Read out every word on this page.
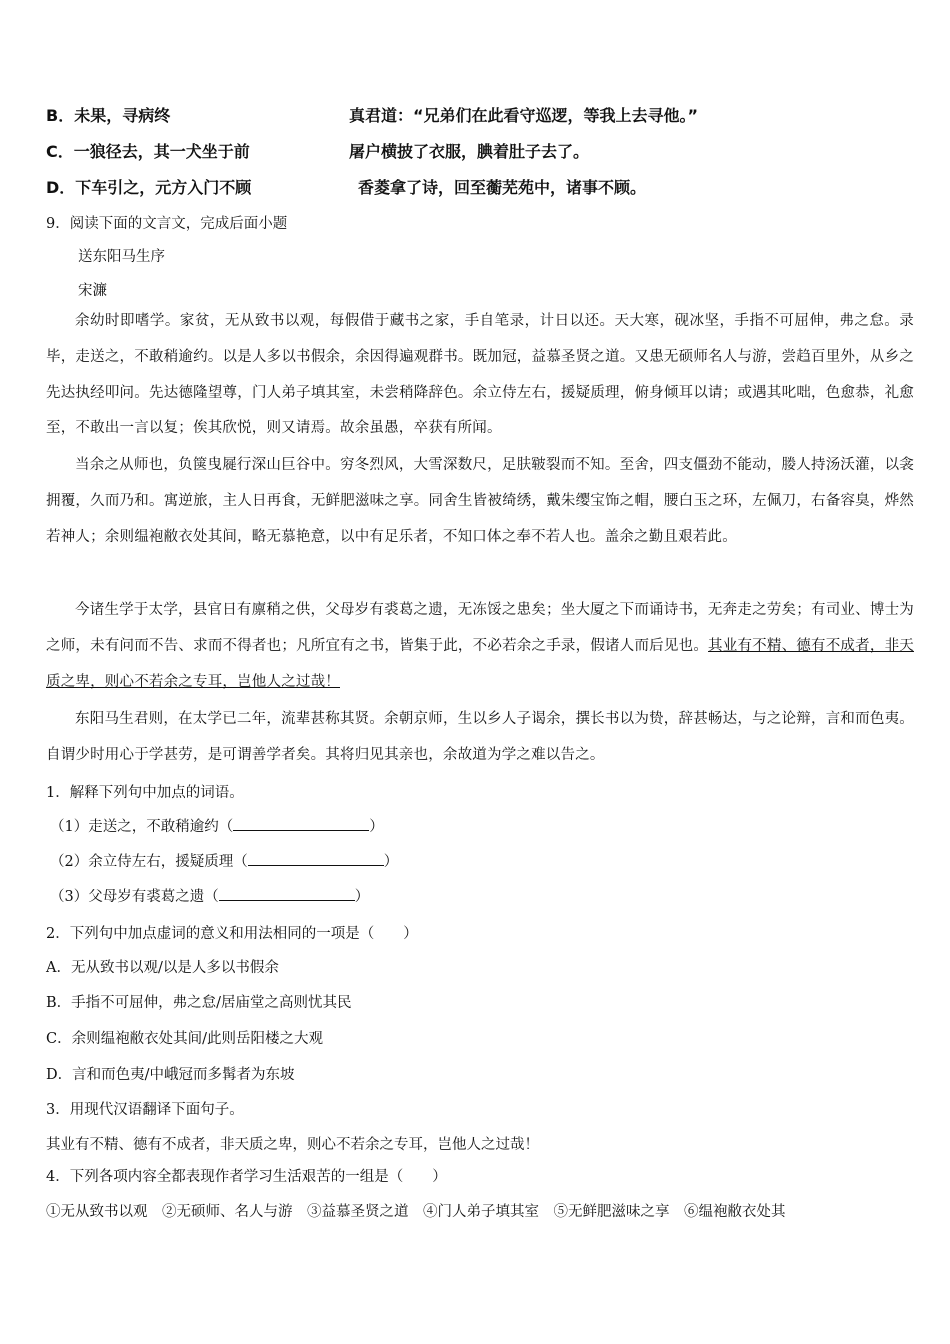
B．未果，寻病终	真君道：“兄弟们在此看守巡逻，等我上去寻他。”
C．一狼径去，其一犬坐于前	屠户横披了衣服，腆着肚子去了。
D．下车引之，元方入门不顾	香菱拿了诗，回至蘅芜苑中，诸事不顾。
9．阅读下面的文言文，完成后面小题
送东阳马生序
宋濂
余幼时即嗜学。家贫，无从致书以观，每假借于藏书之家，手自笔录，计日以还。天大寒，砚冰坚，手指不可屈伸，弗之怠。录毕，走送之，不敢稍逾约。以是人多以书假余，余因得遍观群书。既加冠，益慕圣贤之道。又患无硕师名人与游，尝趋百里外，从乡之先达执经叩问。先达德隆望尊，门人弟子填其室，未尝稍降辞色。余立侍左右，援疑质理，俯身倾耳以请；或遇其叱咄，色愈恭，礼愈至，不敢出一言以复；俟其欣悦，则又请焉。故余虽愚，卒获有所闻。
当余之从师也，负箧曳屣行深山巨谷中。穷冬烈风，大雪深数尺，足肤皲裂而不知。至舍，四支僵劲不能动，媵人持汤沃灌，以衾拥覆，久而乃和。寓逆旅，主人日再食，无鲜肥滋味之享。同舍生皆被绮绣，戴朱缨宝饰之帽，腰白玉之环，左佩刀，右备容臭，烨然若神人；余则缊袍敝衣处其间，略无慕艳意，以中有足乐者，不知口体之奉不若人也。盖余之勤且艰若此。
今诸生学于太学，县官日有廪稍之供，父母岁有裘葛之遗，无冻馁之患矣；坐大厦之下而诵诗书，无奔走之劳矣；有司业、博士为之师，未有问而不告、求而不得者也；凡所宜有之书，皆集于此，不必若余之手录，假诸人而后见也。其业有不精、德有不成者，非天质之卑，则心不若余之专耳，岂他人之过哉！
东阳马生君则，在太学已二年，流辈甚称其贤。余朝京师，生以乡人子谒余，撰长书以为贽，辞甚畅达，与之论辩，言和而色夷。自谓少时用心于学甚劳，是可谓善学者矣。其将归见其亲也，余故道为学之难以告之。
1．解释下列句中加点的词语。
（1）走送之，不敢稍逾约（	）
（2）余立侍左右，援疑质理（	）
（3）父母岁有裘葛之遗（	）
2．下列句中加点虚词的意义和用法相同的一项是（　　）
A．无从致书以观/以是人多以书假余
B．手指不可屈伸，弗之怠/居庙堂之高则忧其民
C．余则缊袍敝衣处其间/此则岳阳楼之大观
D．言和而色夷/中峨冠而多髯者为东坡
3．用现代汉语翻译下面句子。
其业有不精、德有不成者，非天质之卑，则心不若余之专耳，岂他人之过哉！
4．下列各项内容全都表现作者学习生活艰苦的一组是（　　）
①无从致书以观　②无硕师、名人与游　③益慕圣贤之道　④门人弟子填其室　⑤无鲜肥滋味之享　⑥缊袍敝衣处其
